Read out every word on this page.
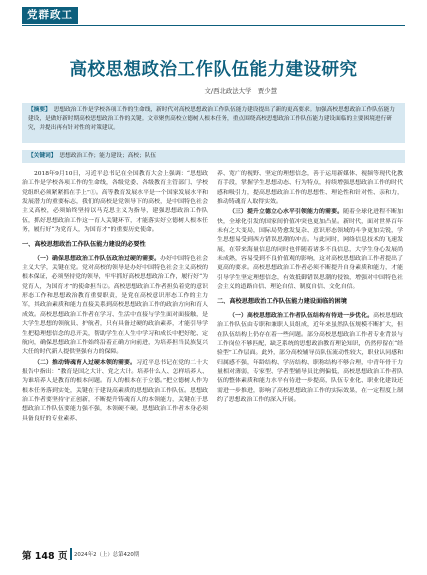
党群政工
高校思想政治工作队伍能力建设研究
文/西北政法大学　贾少慧
【摘要】 思想政治工作是学校各项工作的生命线，新时代对高校思想政治工作队伍能力建设提出了新的更高要求。加强高校思想政治工作队伍能力建设，是做好新时期高校思想政治工作的关键。文章聚焦高校立德树人根本任务，重点围绕高校思想政治工作队伍能力建设面临的主要困境进行研究，并提出再有针对性的对策建议。
【关键词】 思想政治工作；能力建设；高校；队伍

2018年9月10日，习近平总书记在全国教育大会上强调：“思想政治工作是学校各项工作的生命线，各级党委、各级教育主管部门、学校党组织必须紧紧抓在手上”①。高等教育发展水平是一个国家发展水平和发展潜力的重要标志，我们的高校是党领导下的高校，是中国特色社会主义高校，必须始终坚持以马克思主义为指导，建强思想政治工作队伍，抓好思想政治工作这一育人关键环节，才能落实好立德树人根本任务，履行好“为党育人，为国育才”的重要历史使命。

一、高校思想政治工作队伍能力建设的必要性

（一）确保思想政治工作队伍政治过硬的需要。办好中国特色社会主义大学，关键在党。党对高校的领导是办好中国特色社会主义高校的根本保证，必须坚持党的领导，牢牢抓好高校思想政治工作，履行好“为党育人，为国育才”的使命担当②。高校思想政治工作者担负着党的意识形态工作和思想政治教育重要职责，是党在高校意识形态工作的主力军，其政治素质和能力直接关系到高校思想政治工作的政治方向和育人成效。高校思想政治工作者在学习、生活中直接与学生面对面接触，是大学生思想的领航员、护航者，只有具备过硬的政治素养，才能引导学生把稳理想信念的总开关，帮助学生在人生中学习和成长中把好舵、定航向，确保思想政治工作始终沿着正确方向前进，为培养担当民族复兴大任的时代新人提供坚强有力的保障。

（二）推动铸魂育人过硬本领的需要。习近平总书记在党的二十大报告中指出：“教育是国之大计、党之大计。培养什么人、怎样培养人、为谁培养人是教育的根本问题。育人的根本在于立德。”把立德树人作为根本任务落到实处，关键在于建设高素质的思想政治工作队伍。思想政治工作者要坚持守正创新，不断提升铸魂育人的本领能力，关键在于思想政治工作队伍要能力强不强，本领硬不硬。思想政治工作者本身必须具备良好的专业素养、

养、宽广的视野、坚定的理想信念，善于运用新媒体、视频等现代化教育手段，掌握学生思想动态、行为特点，持续增强思想政治工作的时代感和吸引力，提高思想政治工作的思想性、理论性和针对性、亲和力，推动铸魂育人取得实效。

（三）提升立德立心水平引领能力的需要。随着全球化进程不断加快，全球化引发的国家间价值冲突也更加凸显。新时代，面对世界百年未有之大变局，国际局势愈发复杂、意识形态领域的斗争更加尖锐，学生思想易受到西方错误思潮的冲击。与此同时，网络信息技术的飞速发展，在带来海量信息的同时也伴随着诸多不良信息，大学生身心发展尚未成熟，容易受到不良价值观的影响，这对高校思想政治工作者提出了更高的要求。高校思想政治工作者必须不断提升自身素质和能力，才能引导学生坚定理想信念，有效抵御错误思潮的侵蚀，增强对中国特色社会主义的道路自信、理论自信、制度自信、文化自信。

二、高校思想政治工作队伍能力建设面临的困境

（一）高校思想政治工作者队伍结构有待进一步优化。高校思想政治工作队伍由专职和兼职人员组成，近年来虽然队伍规模不断扩大，但在队伍结构上仍存在着一些问题。部分高校思想政治工作者专业背景与工作岗位不够匹配，缺乏系统的思想政治教育理论知识，仍然停留在“经验型”工作层面。此外，部分高校辅导员队伍流动性较大，职业认同感和归属感不强，年龄结构、学历结构、职称结构不够合理，中青年骨干力量相对薄弱，专家型、学者型辅导员比例偏低，高校思想政治工作者队伍的整体素质和能力水平有待进一步提高，队伍专业化、职业化建设还需进一步推进，影响了高校思想政治工作的实际效果，在一定程度上制约了思想政治工作的深入开展。

第 148 页 2024年2（上）总第420期
